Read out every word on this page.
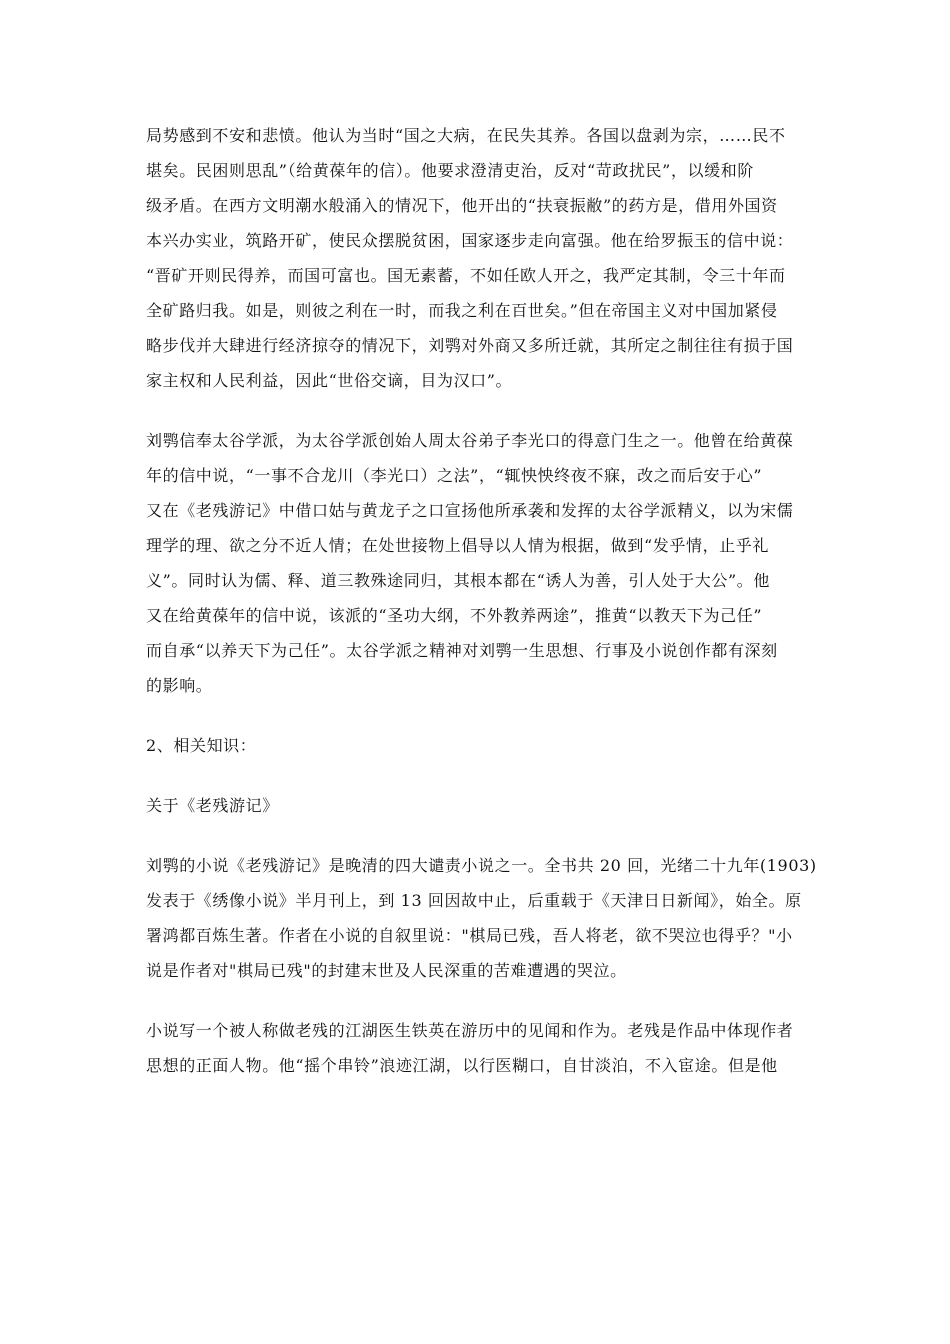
局势感到不安和悲愤。他认为当时“国之大病，在民失其养。各国以盘剥为宗，……民不
堪矣。民困则思乱”（给黄葆年的信）。他要求澄清吏治，反对“苛政扰民”，以缓和阶
级矛盾。在西方文明潮水般涌入的情况下，他开出的“扶衰振敝”的药方是，借用外国资
本兴办实业，筑路开矿，使民众摆脱贫困，国家逐步走向富强。他在给罗振玉的信中说：
“晋矿开则民得养，而国可富也。国无素蓄，不如任欧人开之，我严定其制，令三十年而
全矿路归我。如是，则彼之利在一时，而我之利在百世矣。”但在帝国主义对中国加紧侵
略步伐并大肆进行经济掠夺的情况下，刘鹗对外商又多所迁就，其所定之制往往有损于国
家主权和人民利益，因此“世俗交谪，目为汉口”。
刘鹗信奉太谷学派，为太谷学派创始人周太谷弟子李光口的得意门生之一。他曾在给黄葆
年的信中说，“一事不合龙川（李光口）之法”，“辄怏怏终夜不寐，改之而后安于心”
又在《老残游记》中借口姑与黄龙子之口宣扬他所承袭和发挥的太谷学派精义，以为宋儒
理学的理、欲之分不近人情；在处世接物上倡导以人情为根据，做到“发乎情，止乎礼
义”。同时认为儒、释、道三教殊途同归，其根本都在“诱人为善，引人处于大公”。他
又在给黄葆年的信中说，该派的“圣功大纲，不外教养两途”，推黄“以教天下为己任”
而自承“以养天下为己任”。太谷学派之精神对刘鹗一生思想、行事及小说创作都有深刻
的影响。
2、相关知识：
关于《老残游记》
刘鹗的小说《老残游记》是晚清的四大谴责小说之一。全书共 20 回，光绪二十九年(1903)
发表于《绣像小说》半月刊上，到 13 回因故中止，后重载于《天津日日新闻》，始全。原
署鸿都百炼生著。作者在小说的自叙里说："棋局已残，吾人将老，欲不哭泣也得乎？"小
说是作者对"棋局已残"的封建末世及人民深重的苦难遭遇的哭泣。
小说写一个被人称做老残的江湖医生铁英在游历中的见闻和作为。老残是作品中体现作者
思想的正面人物。他“摇个串铃”浪迹江湖，以行医糊口，自甘淡泊，不入宦途。但是他
